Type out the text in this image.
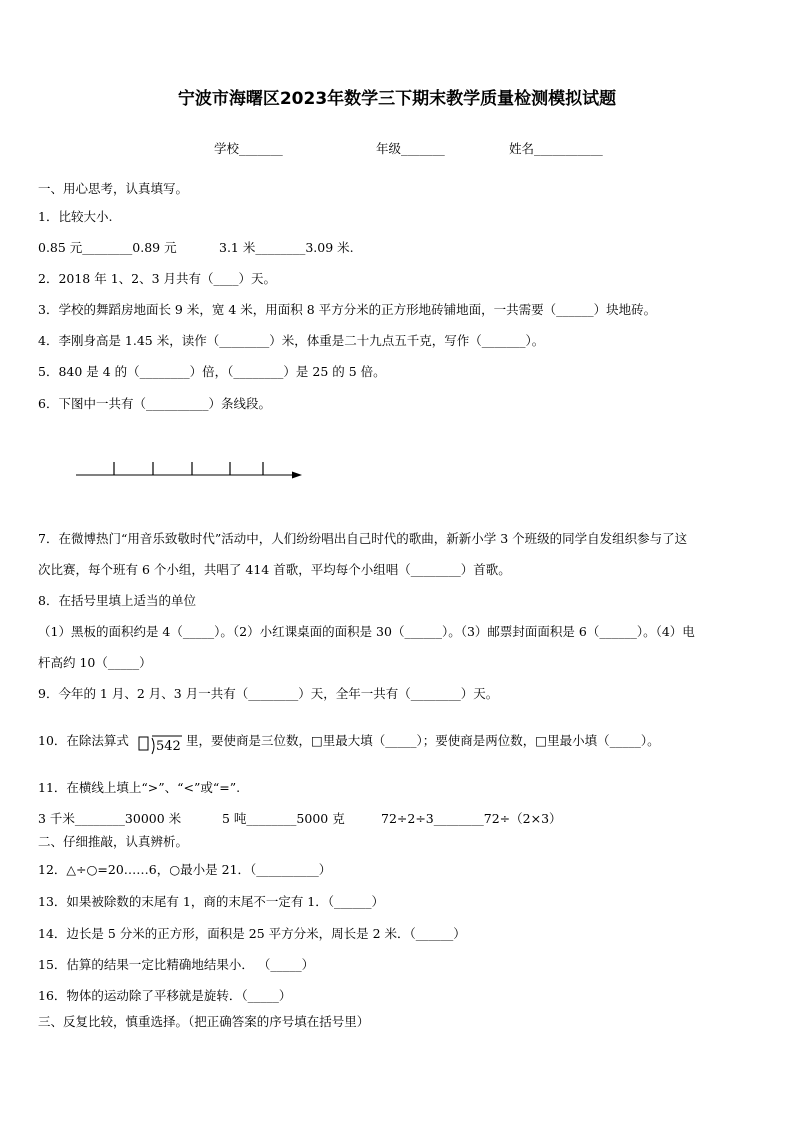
宁波市海曙区2023年数学三下期末教学质量检测模拟试题
学校_______	年级_______	姓名___________
一、用心思考，认真填写。
1．比较大小.
0.85 元________0.89 元	3.1 米________3.09 米.
2．2018 年 1、2、3 月共有（____）天。
3．学校的舞蹈房地面长 9 米，宽 4 米，用面积 8 平方分米的正方形地砖铺地面，一共需要（______）块地砖。
4．李刚身高是 1.45 米，读作（________）米，体重是二十九点五千克，写作（_______）。
5．840 是 4 的（________）倍，（________）是 25 的 5 倍。
6．下图中一共有（__________）条线段。
7．在微博热门“用音乐致敬时代”活动中，人们纷纷唱出自己时代的歌曲，新新小学 3 个班级的同学自发组织参与了这
次比赛，每个班有 6 个小组，共唱了 414 首歌，平均每个小组唱（________）首歌。
8．在括号里填上适当的单位
（1）黑板的面积约是 4（_____）。（2）小红课桌面的面积是 30（______）。（3）邮票封面面积是 6（______）。（4）电
杆高约 10（_____）
9．今年的 1 月、2 月、3 月一共有（________）天，全年一共有（________）天。
10．在除法算式 542 里，要使商是三位数，□里最大填（_____）；要使商是两位数，□里最小填（_____）。
11．在横线上填上“>”、“<”或“=”.
3 千米________30000 米	5 吨________5000 克	72÷2÷3________72÷（2×3）
二、仔细推敲，认真辨析。
12．△÷○=20……6，○最小是 21．（__________）
13．如果被除数的末尾有 1，商的末尾不一定有 1．（______）
14．边长是 5 分米的正方形，面积是 25 平方分米，周长是 2 米．（______）
15．估算的结果一定比精确地结果小． （_____）
16．物体的运动除了平移就是旋转．（_____）
三、反复比较，慎重选择。（把正确答案的序号填在括号里）
